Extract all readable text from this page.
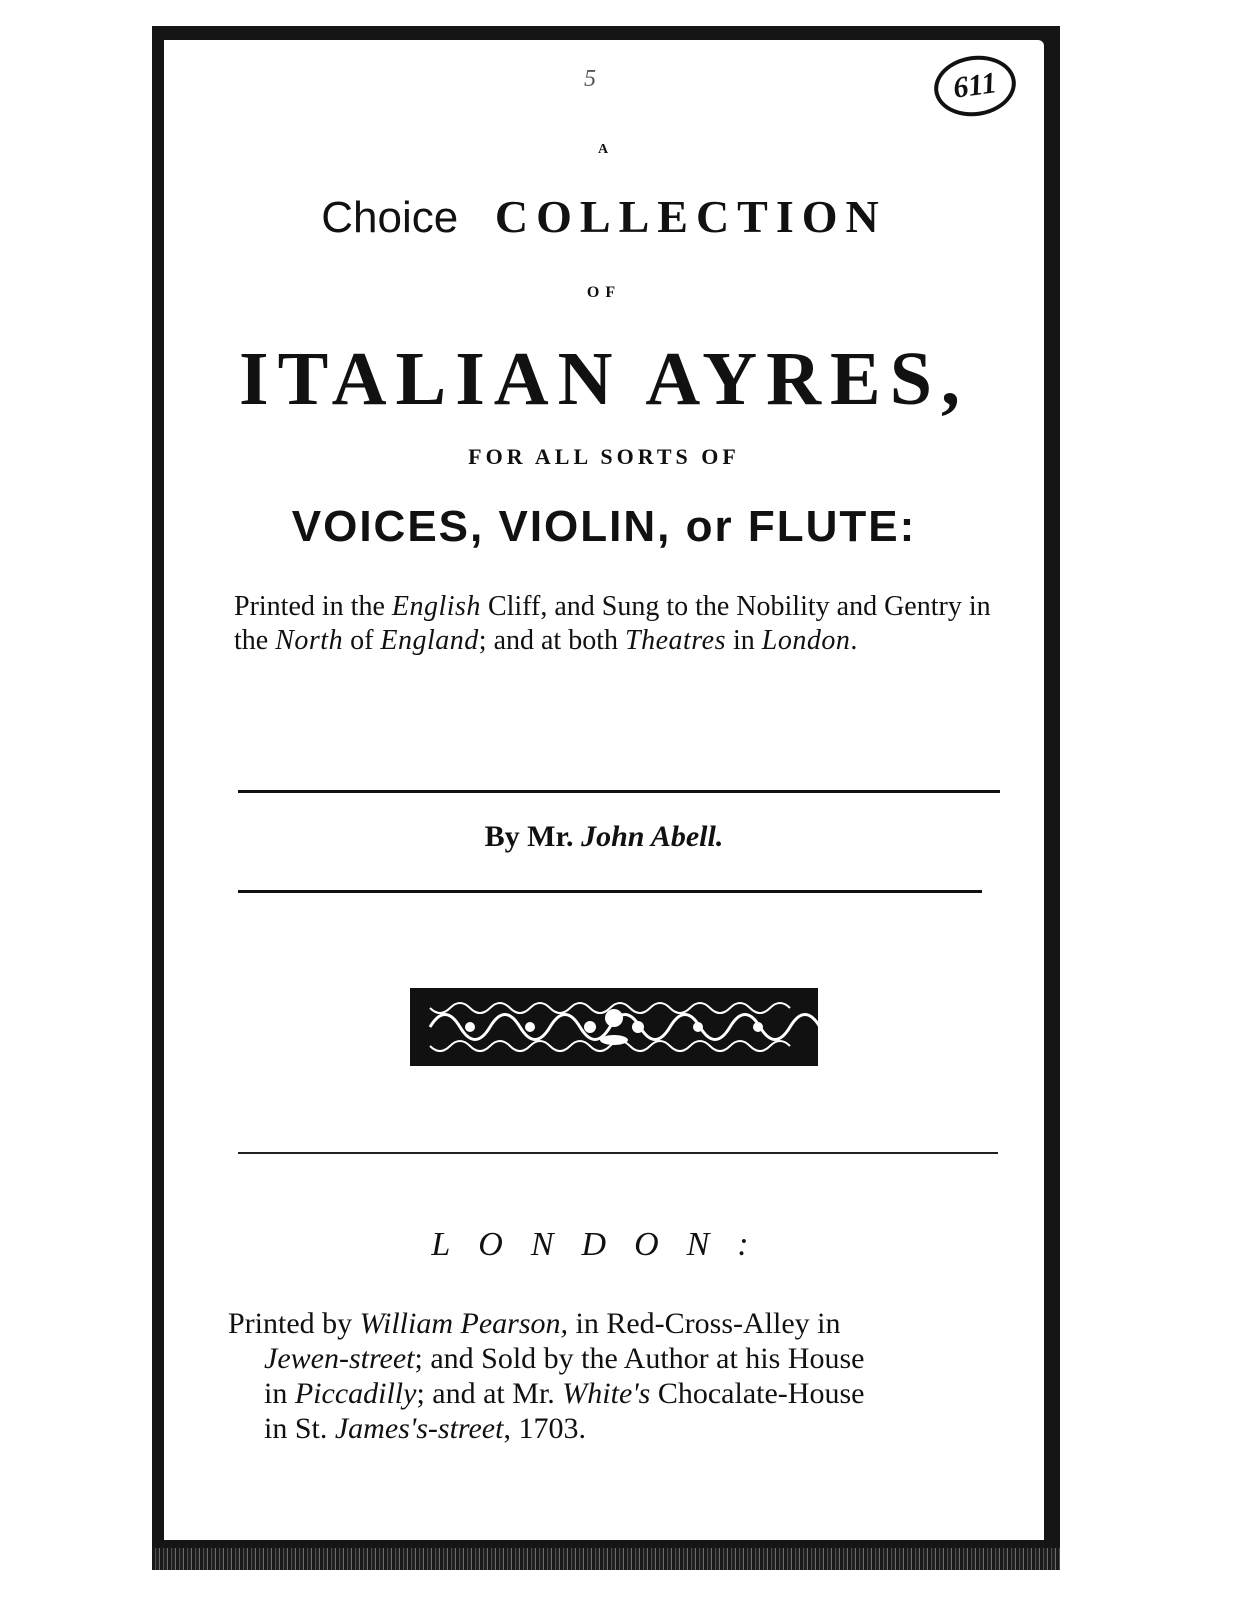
5	611
A
Choice COLLECTION
OF
ITALIAN AYRES,
FOR ALL SORTS OF
VOICES, VIOLIN, or FLUTE:
Printed in the English Cliff, and Sung to the Nobility and Gentry in the North of England; and at both Theatres in London.
By Mr. John Abell.
LONDON:
Printed by William Pearson, in Red-Cross-Alley in
Jewen-street; and Sold by the Author at his House
in Piccadilly; and at Mr. White's Chocalate-House
in St. James's-street, 1703.
